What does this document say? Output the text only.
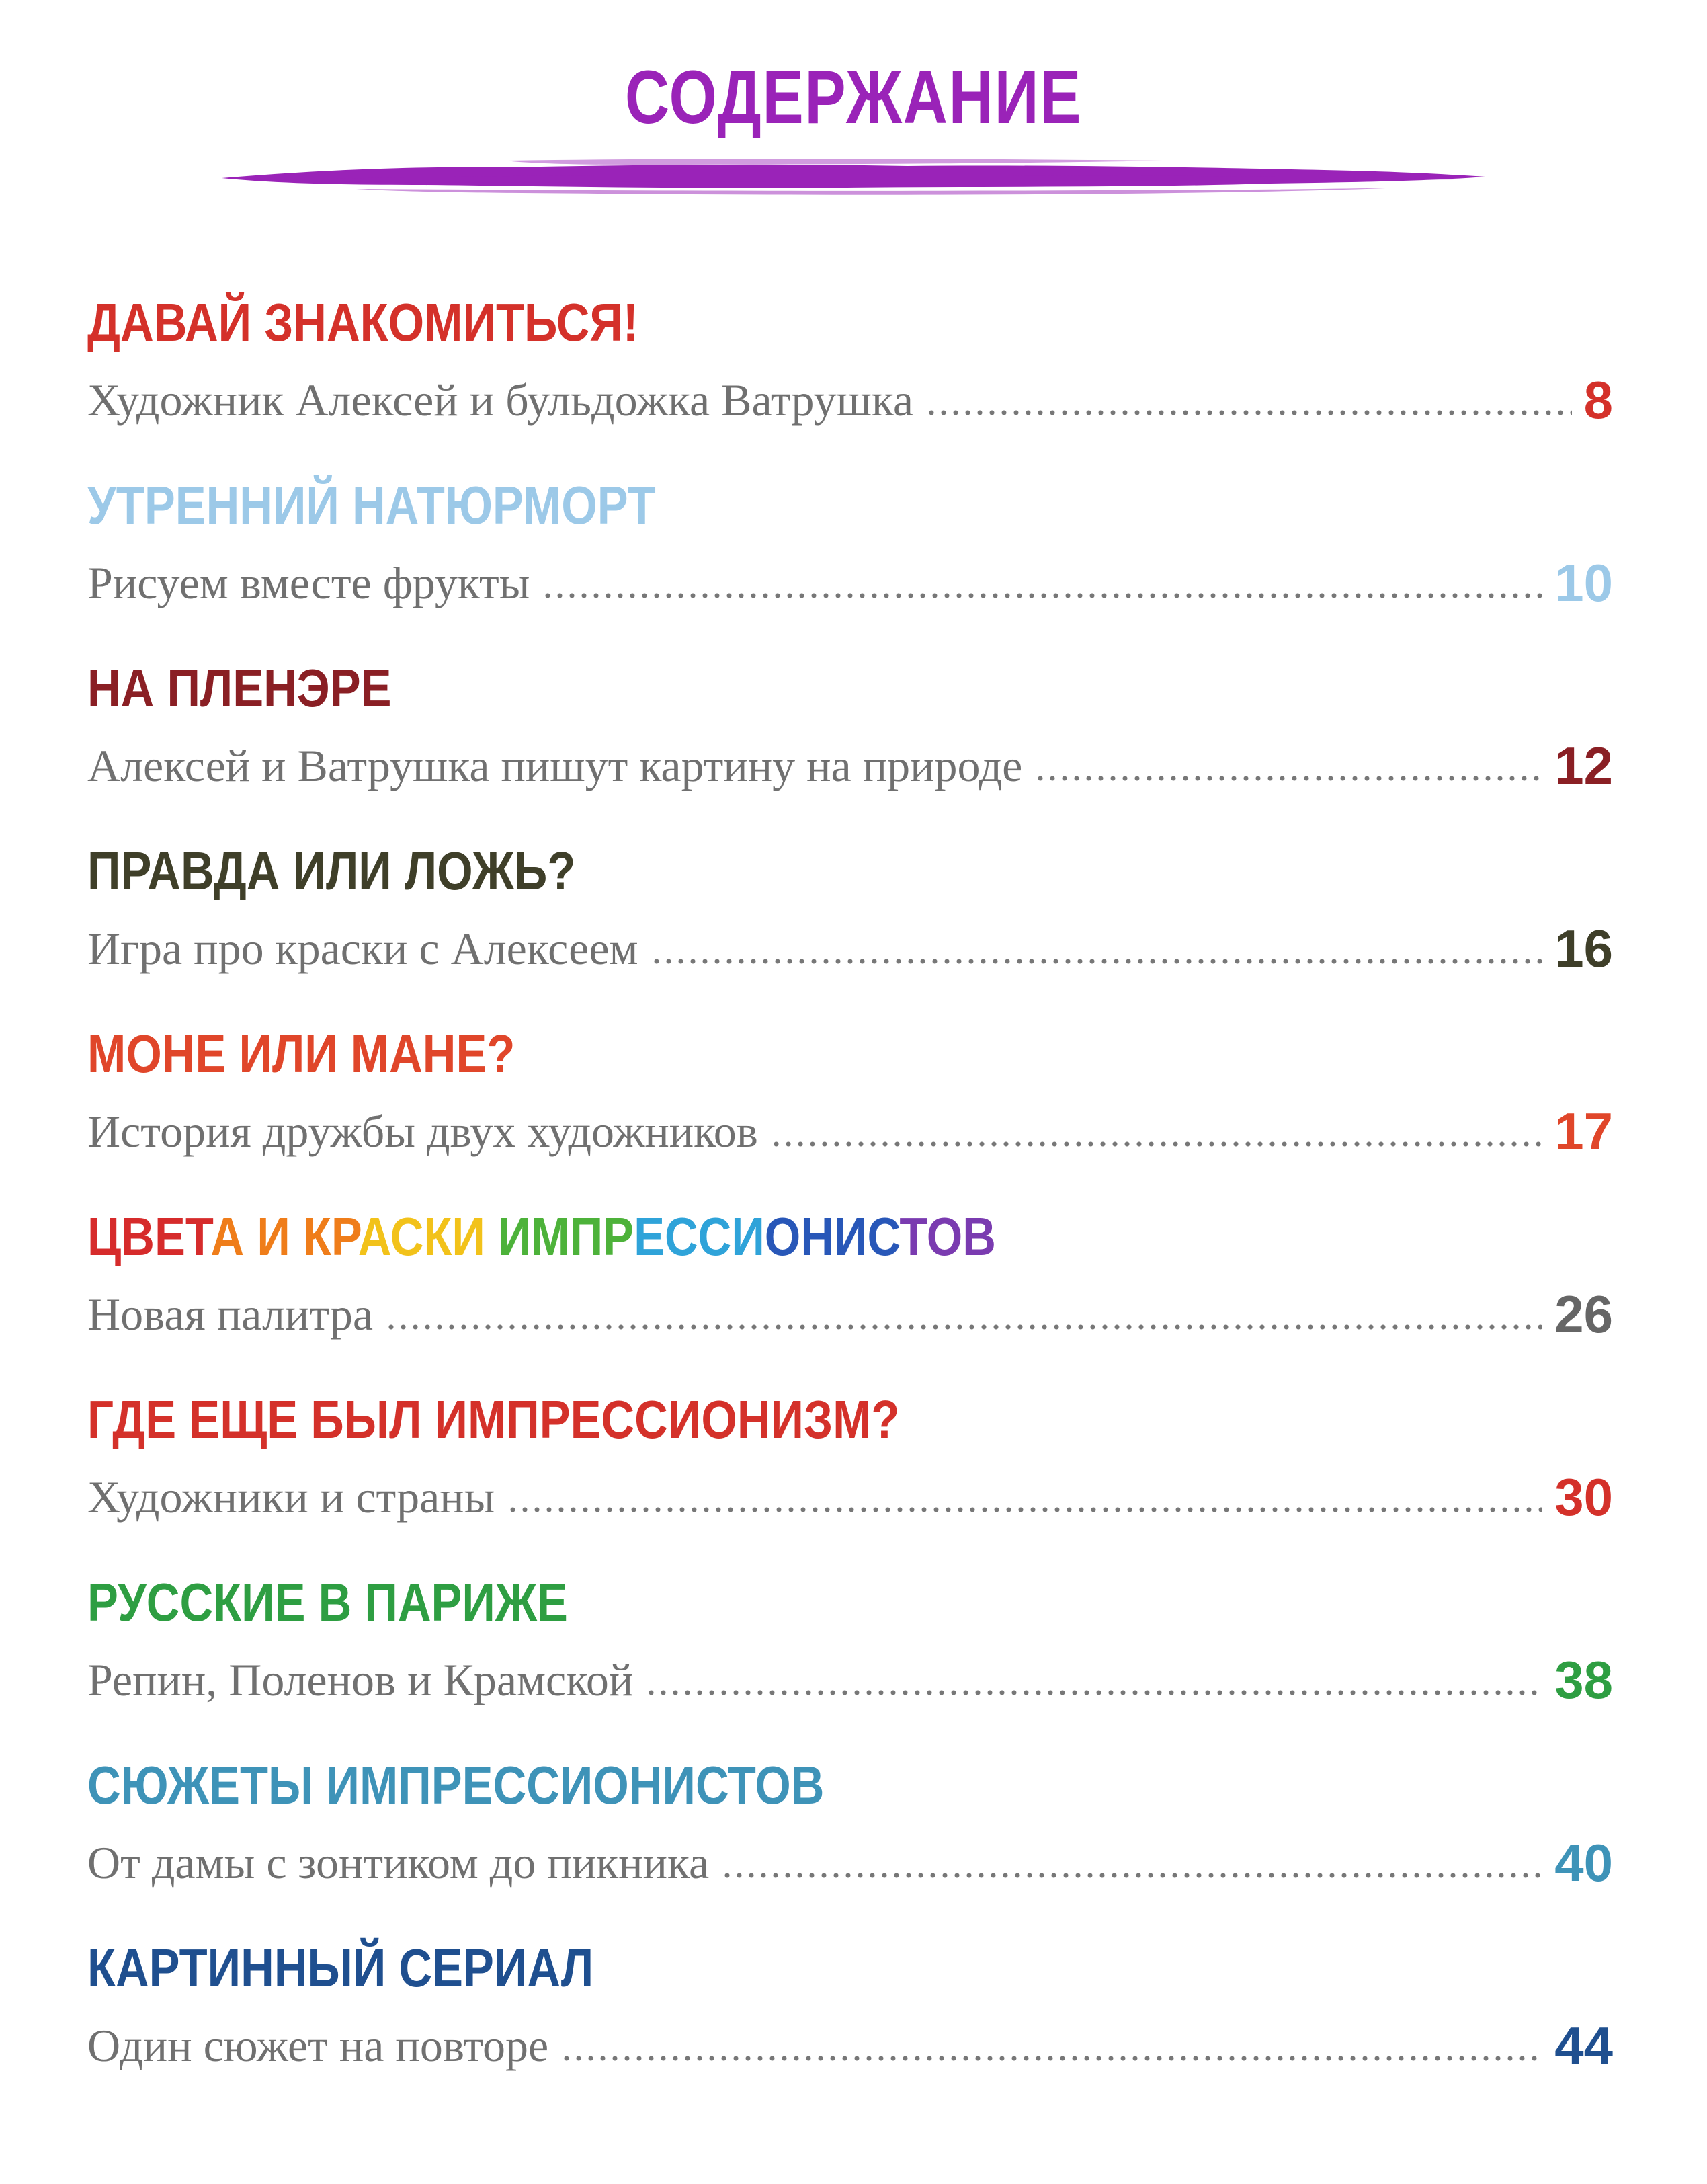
СОДЕРЖАНИЕ
ДАВАЙ ЗНАКОМИТЬСЯ!
Художник Алексей и бульдожка Ватрушка	8
УТРЕННИЙ НАТЮРМОРТ
Рисуем вместе фрукты	10
НА ПЛЕНЭРЕ
Алексей и Ватрушка пишут картину на природе	12
ПРАВДА ИЛИ ЛОЖЬ?
Игра про краски с Алексеем	16
МОНЕ ИЛИ МАНЕ?
История дружбы двух художников	17
ЦВЕТА И КРАСКИ ИМПРЕССИОНИСТОВ
Новая палитра	26
ГДЕ ЕЩЕ БЫЛ ИМПРЕССИОНИЗМ?
Художники и страны	30
РУССКИЕ В ПАРИЖЕ
Репин, Поленов и Крамской	38
СЮЖЕТЫ ИМПРЕССИОНИСТОВ
От дамы с зонтиком до пикника	40
КАРТИННЫЙ СЕРИАЛ
Один сюжет на повторе	44
